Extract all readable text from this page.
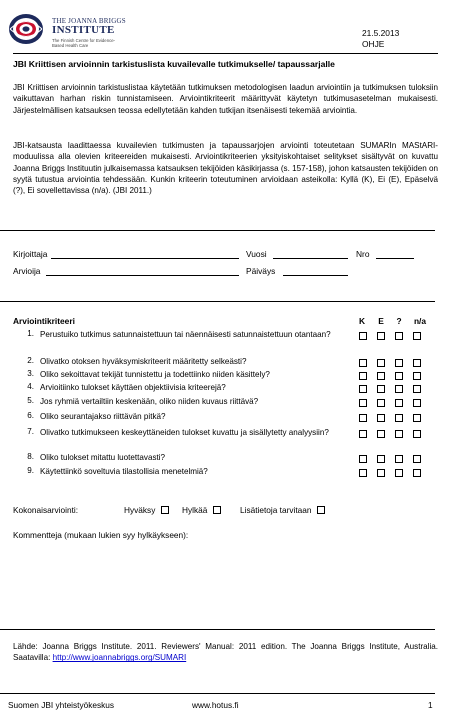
THE JOANNA BRIGGS
INSTITUTE
The Finnish Centre for Evidence-Based Health Care
21.5.2013
OHJE
JBI Kriittisen arvioinnin tarkistuslista kuvailevalle tutkimukselle/ tapaussarjalle
JBI Kriittisen arvioinnin tarkistuslistaa käytetään tutkimuksen metodologisen laadun arviointiin ja tutkimuksen tuloksiin vaikuttavan harhan riskin tunnistamiseen. Arviointikriteerit määrittyvät käytetyn tutkimusasetelman mukaisesti. Järjestelmällisen katsauksen teossa edellytetään kahden tutkijan itsenäisesti tekemää arviointia.
JBI-katsausta laadittaessa kuvailevien tutkimusten ja tapaussarjojen arviointi toteutetaan SUMARIn MAStARI-moduulissa alla olevien kriteereiden mukaisesti. Arviointikriteerien yksityiskohtaiset selitykset sisältyvät on kuvattu Joanna Briggs Instituutin julkaisemassa katsauksen tekijöiden käsikirjassa (s. 157-158), johon katsausten tekijöiden on syytä tutustua arviointia tehdessään. Kunkin kriteerin toteutuminen arvioidaan asteikolla: Kyllä (K), Ei (E), Epäselvä (?), Ei sovellettavissa (n/a). (JBI 2011.)
Kirjoittaja	Vuosi	Nro
Arvioija	Päiväys
Arviointikriteeri	K	E	?	n/a
1. Perustuiko tutkimus satunnaistettuun tai näennäisesti satunnaistettuun otantaan?
2. Olivatko otoksen hyväksymiskriteerit määritetty selkeästi?
3. Oliko sekoittavat tekijät tunnistettu ja todettiinko niiden käsittely?
4. Arvioitiinko tulokset käyttäen objektiivisia kriteerejä?
5. Jos ryhmiä vertailtiin keskenään, oliko niiden kuvaus riittävä?
6. Oliko seurantajakso riittävän pitkä?
7. Olivatko tutkimukseen keskeyttäneiden tulokset kuvattu ja sisällytetty analyysiin?
8. Oliko tulokset mitattu luotettavasti?
9. Käytettiinkö soveltuvia tilastollisia menetelmiä?
Kokonaisarviointi:	Hyväksy	Hylkää	Lisätietoja tarvitaan
Kommentteja (mukaan lukien syy hylkäykseen):
Lähde: Joanna Briggs Institute. 2011. Reviewers' Manual: 2011 edition. The Joanna Briggs Institute, Australia. Saatavilla: http://www.joannabriggs.org/SUMARI
Suomen JBI yhteistyökeskus	www.hotus.fi	1
